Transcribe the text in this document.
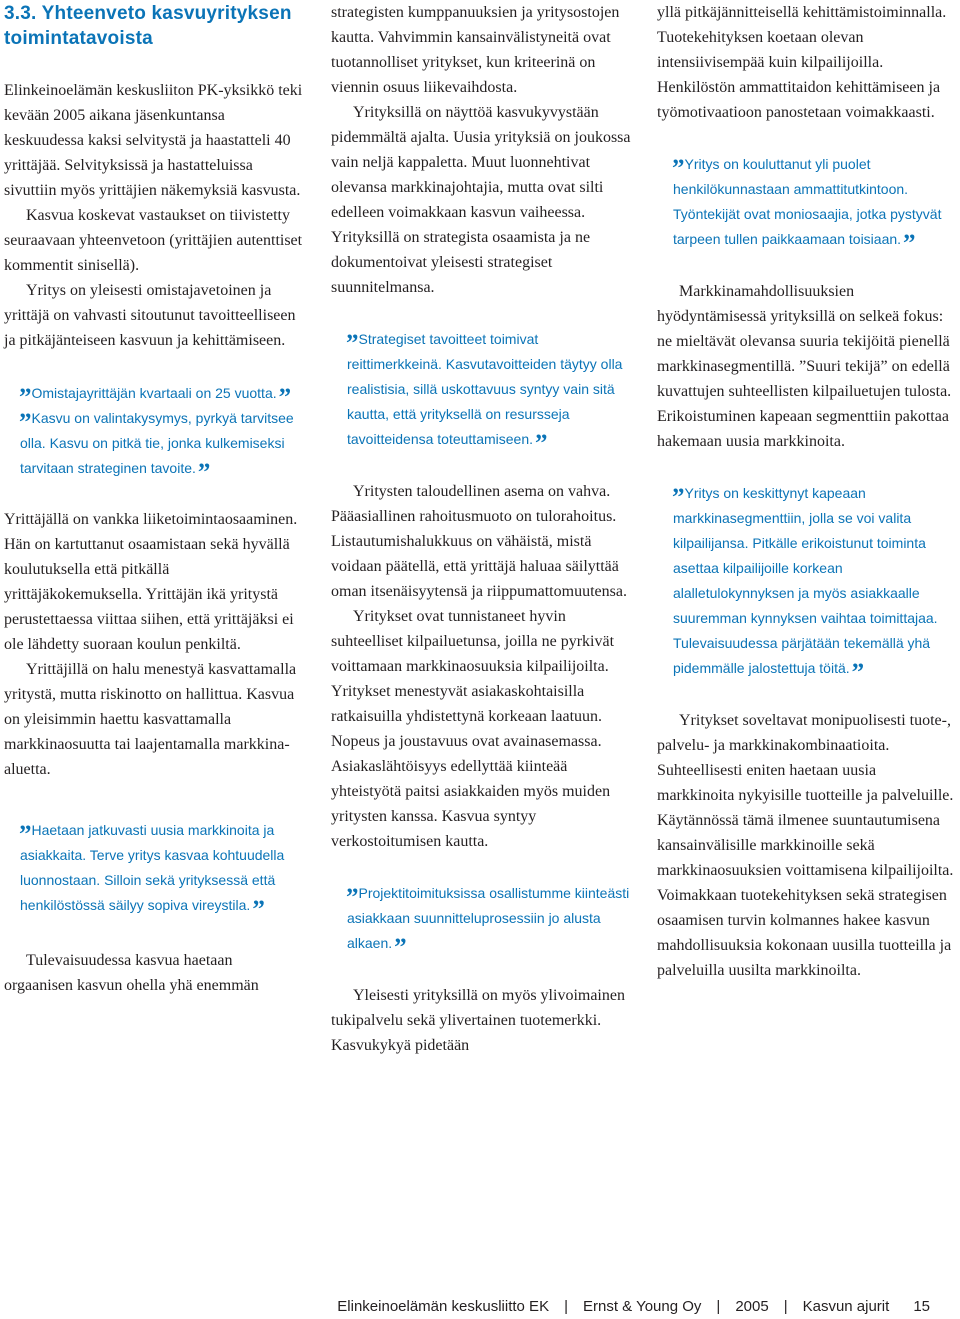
3.3. Yhteenveto kasvuyrityksen toimintatavoista

Elinkeinoelämän keskusliiton PK-yksikkö teki kevään 2005 aikana jäsenkuntansa keskuudessa kaksi selvitystä ja haastatteli 40 yrittäjää. Selvityksissä ja hastatteluissa sivuttiin myös yrittäjien näkemyksiä kasvusta.

Kasvua koskevat vastaukset on tiivistetty seuraavaan yhteenvetoon (yrittäjien autenttiset kommentit sinisellä).

Yritys on yleisesti omistajavetoinen ja yrittäjä on vahvasti sitoutunut tavoitteelliseen ja pitkäjänteiseen kasvuun ja kehittämiseen.

” Omistajayrittäjän kvartaali on 25 vuotta.”
” Kasvu on valintakysymys, pyrkyä tarvitsee olla. Kasvu on pitkä tie, jonka kulkemiseksi tarvitaan strateginen tavoite.”

Yrittäjällä on vankka liiketoimintaosaaminen. Hän on kartuttanut osaamistaan sekä hyvällä koulutuksella että pitkällä yrittäjäkokemuksella. Yrittäjän ikä yritystä perustettaessa viittaa siihen, että yrittäjäksi ei ole lähdetty suoraan koulun penkiltä.

Yrittäjillä on halu menestyä kasvattamalla yritystä, mutta riskinotto on hallittua. Kasvua on yleisimmin haettu kasvattamalla markkinaosuutta tai laajentamalla markkina-aluetta.

” Haetaan jatkuvasti uusia markkinoita ja asiakkaita. Terve yritys kasvaa kohtuudella luonnostaan. Silloin sekä yrityksessä että henkilöstössä säilyy sopiva vireystila.”

Tulevaisuudessa kasvua haetaan orgaanisen kasvun ohella yhä enemmän

strategisten kumppanuuksien ja yritysostojen kautta. Vahvimmin kansainvälistyneitä ovat tuotannolliset yritykset, kun kriteerinä on viennin osuus liikevaihdosta.

Yrityksillä on näyttöä kasvukyvystään pidemmältä ajalta. Uusia yrityksiä on joukossa vain neljä kappaletta. Muut luonnehtivat olevansa markkinajohtajia, mutta ovat silti edelleen voimakkaan kasvun vaiheessa. Yrityksillä on strategista osaamista ja ne dokumentoivat yleisesti strategiset suunnitelmansa.

” Strategiset tavoitteet toimivat reittimerkkeinä. Kasvutavoitteiden täytyy olla realistisia, sillä uskottavuus syntyy vain sitä kautta, että yrityksellä on resursseja tavoitteidensa toteuttamiseen.”

Yritysten taloudellinen asema on vahva. Pääasiallinen rahoitusmuoto on tulorahoitus. Listautumishalukkuus on vähäistä, mistä voidaan päätellä, että yrittäjä haluaa säilyttää oman itsenäisyytensä ja riippumattomuutensa.

Yritykset ovat tunnistaneet hyvin suhteelliset kilpailuetunsa, joilla ne pyrkivät voittamaan markkinaosuuksia kilpailijoilta. Yritykset menestyvät asiakaskohtaisilla ratkaisuilla yhdistettynä korkeaan laatuun. Nopeus ja joustavuus ovat avainasemassa. Asiakaslähtöisyys edellyttää kiinteää yhteistyötä paitsi asiakkaiden myös muiden yritysten kanssa. Kasvua syntyy verkostoitumisen kautta.

” Projektitoimituksissa osallistumme kiinteästi asiakkaan suunnitteluprosessiin jo alusta alkaen.”

Yleisesti yrityksillä on myös ylivoimainen tukipalvelu sekä ylivertainen tuotemerkki. Kasvukykyä pidetään

yllä pitkäjännitteisellä kehittämistoiminnalla. Tuotekehityksen koetaan olevan intensiivisempää kuin kilpailijoilla. Henkilöstön ammattitaidon kehittämiseen ja työmotivaatioon panostetaan voimakkaasti.

” Yritys on kouluttanut yli puolet henkilökunnastaan ammattitutkintoon. Työntekijät ovat moniosaajia, jotka pystyvät tarpeen tullen paikkaamaan toisiaan.”

Markkinamahdollisuuksien hyödyntämisessä yrityksillä on selkeä fokus: ne mieltävät olevansa suuria tekijöitä pienellä markkinasegmentillä. ”Suuri tekijä” on edellä kuvattujen suhteellisten kilpailuetujen tulosta. Erikoistuminen kapeaan segmenttiin pakottaa hakemaan uusia markkinoita.

” Yritys on keskittynyt kapeaan markkinasegmenttiin, jolla se voi valita kilpailijansa. Pitkälle erikoistunut toiminta asettaa kilpailijoille korkean alalletulokynnyksen ja myös asiakkaalle suuremman kynnyksen vaihtaa toimittajaa. Tulevaisuudessa pärjätään tekemällä yhä pidemmälle jalostettuja töitä.”

Yritykset soveltavat monipuolisesti tuote-, palvelu- ja markkinakombinaatioita. Suhteellisesti eniten haetaan uusia markkinoita nykyisille tuotteille ja palveluille. Käytännössä tämä ilmenee suuntautumisena kansainvälisille markkinoille sekä markkinaosuuksien voittamisena kilpailijoilta. Voimakkaan tuotekehityksen sekä strategisen osaamisen turvin kolmannes hakee kasvun mahdollisuuksia kokonaan uusilla tuotteilla ja palveluilla uusilta markkinoilta.

Elinkeinoelämän keskusliitto EK | Ernst & Young Oy | 2005 | Kasvun ajurit 15
